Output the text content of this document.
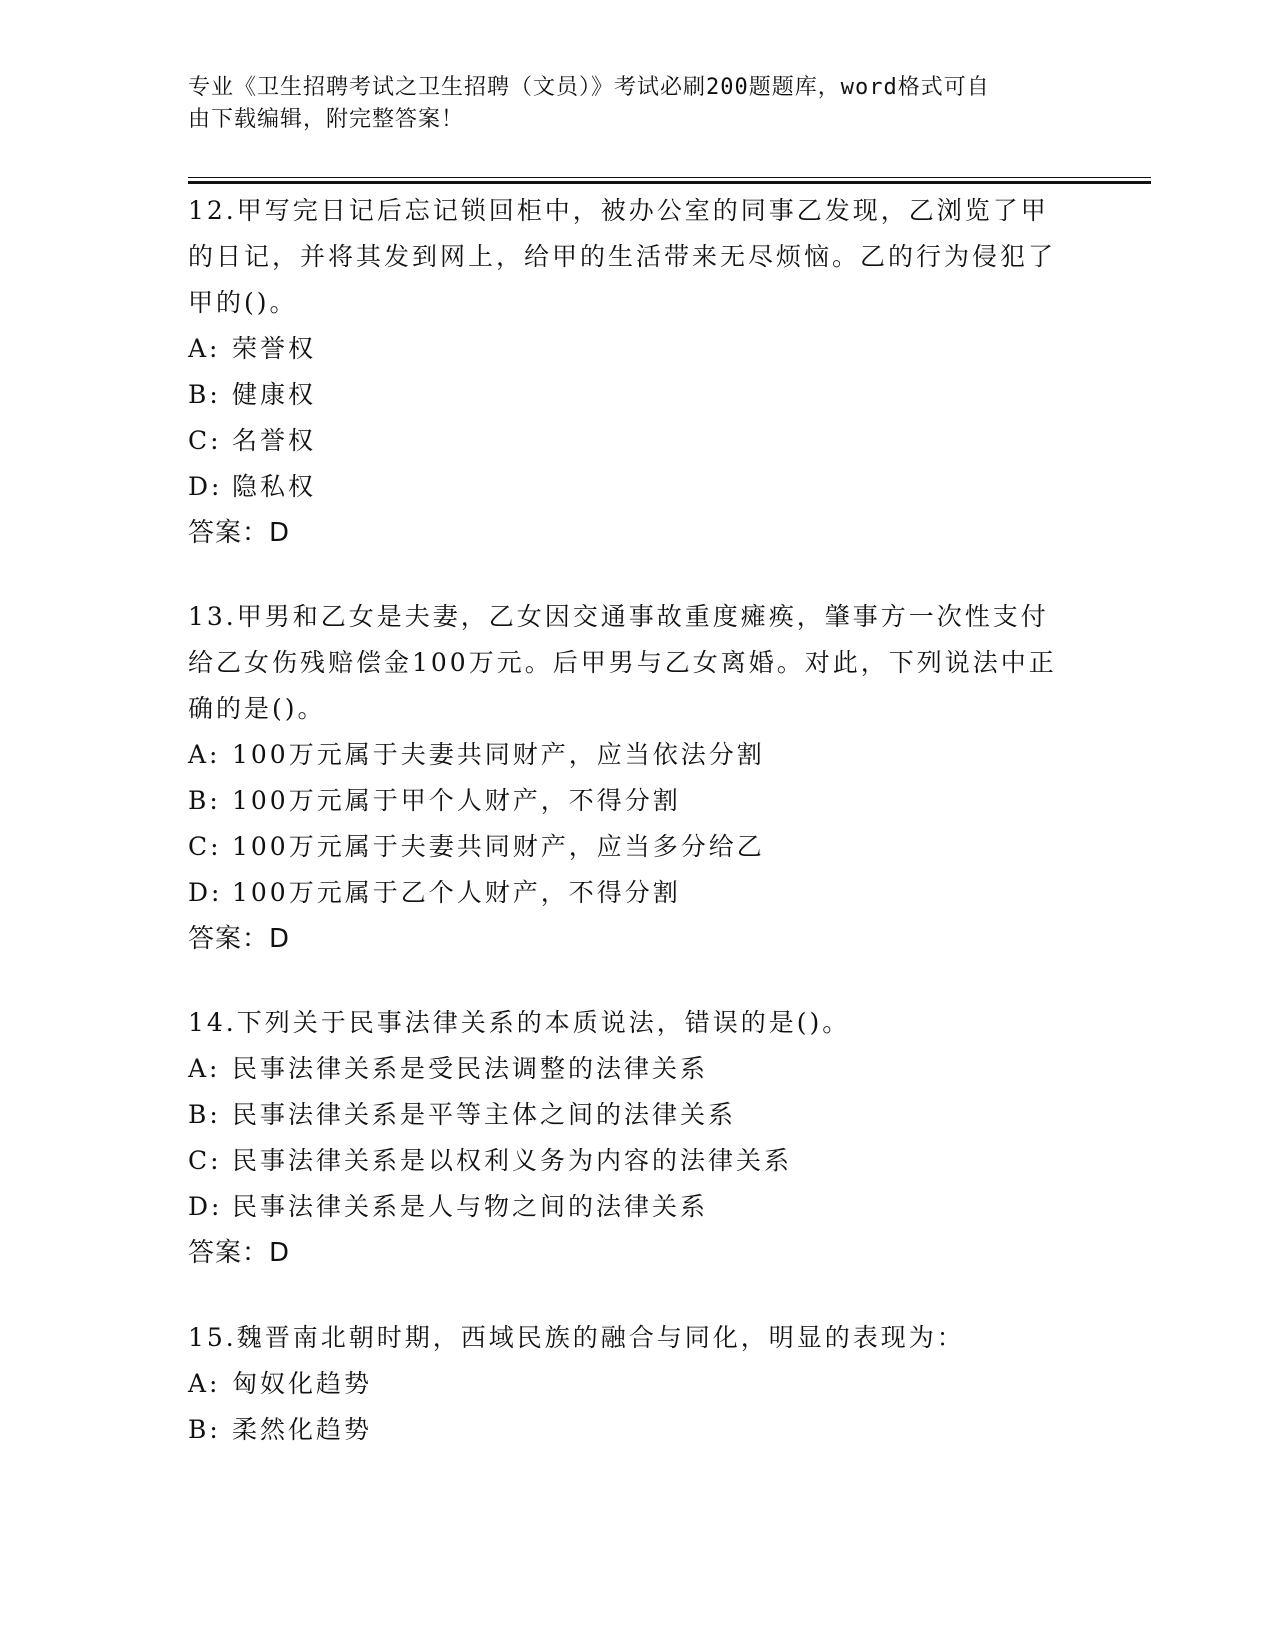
专业《卫生招聘考试之卫生招聘（文员）》考试必刷200题题库，word格式可自
由下载编辑，附完整答案！

12.甲写完日记后忘记锁回柜中，被办公室的同事乙发现，乙浏览了甲的日记，并将其发到网上，给甲的生活带来无尽烦恼。乙的行为侵犯了甲的()。

A: 荣誉权
B: 健康权
C: 名誉权
D: 隐私权

答案：D

13.甲男和乙女是夫妻，乙女因交通事故重度瘫痪，肇事方一次性支付给乙女伤残赔偿金100万元。后甲男与乙女离婚。对此，下列说法中正确的是()。

A: 100万元属于夫妻共同财产，应当依法分割
B: 100万元属于甲个人财产，不得分割
C: 100万元属于夫妻共同财产，应当多分给乙
D: 100万元属于乙个人财产，不得分割

答案：D

14.下列关于民事法律关系的本质说法，错误的是()。

A: 民事法律关系是受民法调整的法律关系
B: 民事法律关系是平等主体之间的法律关系
C: 民事法律关系是以权利义务为内容的法律关系
D: 民事法律关系是人与物之间的法律关系

答案：D

15.魏晋南北朝时期，西域民族的融合与同化，明显的表现为：

A: 匈奴化趋势
B: 柔然化趋势
